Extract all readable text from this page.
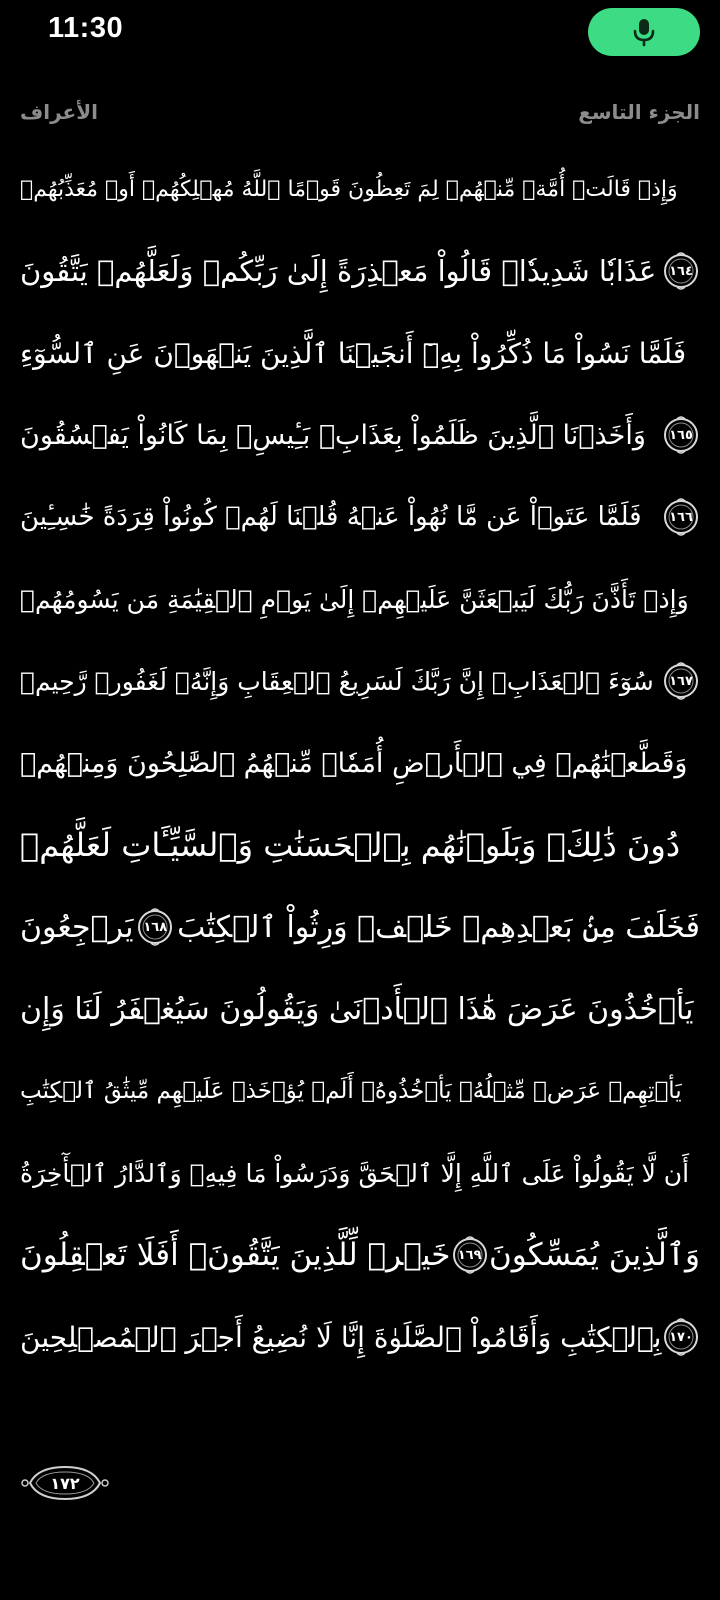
11:30
الجزء التاسع
الأعراف
وَإِذۡ قَالَتۡ أُمَّةٞ مِّنۡهُمۡ لِمَ تَعِظُونَ قَوۡمًا ٱللَّهُ مُهۡلِكُهُمۡ أَوۡ مُعَذِّبُهُمۡ
عَذَابٗا شَدِيدٗاۖ قَالُواْ مَعۡذِرَةً إِلَىٰ رَبِّكُمۡ وَلَعَلَّهُمۡ يَتَّقُونَ ١٦٤
فَلَمَّا نَسُواْ مَا ذُكِّرُواْ بِهِۦٓ أَنجَيۡنَا ٱلَّذِينَ يَنۡهَوۡنَ عَنِ ٱلسُّوٓءِ
وَأَخَذۡنَا ٱلَّذِينَ ظَلَمُواْ بِعَذَابِۭ بَـِٔيسِۭ بِمَا كَانُواْ يَفۡسُقُونَ ١٦٥
فَلَمَّا عَتَوۡاْ عَن مَّا نُهُواْ عَنۡهُ قُلۡنَا لَهُمۡ كُونُواْ قِرَدَةً خَٰسِـِٔينَ ١٦٦
وَإِذۡ تَأَذَّنَ رَبُّكَ لَيَبۡعَثَنَّ عَلَيۡهِمۡ إِلَىٰ يَوۡمِ ٱلۡقِيَٰمَةِ مَن يَسُومُهُمۡ
سُوٓءَ ٱلۡعَذَابِۗ إِنَّ رَبَّكَ لَسَرِيعُ ٱلۡعِقَابِ وَإِنَّهُۥ لَغَفُورٞ رَّحِيمٞ ١٦٧
وَقَطَّعۡنَٰهُمۡ فِي ٱلۡأَرۡضِ أُمَمٗاۖ مِّنۡهُمُ ٱلصَّٰلِحُونَ وَمِنۡهُمۡ
دُونَ ذَٰلِكَۖ وَبَلَوۡنَٰهُم بِٱلۡحَسَنَٰتِ وَٱلسَّيِّـَٔاتِ لَعَلَّهُمۡ
يَرۡجِعُونَ ١٦٨ فَخَلَفَ مِنۢ بَعۡدِهِمۡ خَلۡفٞ وَرِثُواْ ٱلۡكِتَٰبَ
يَأۡخُذُونَ عَرَضَ هَٰذَا ٱلۡأَدۡنَىٰ وَيَقُولُونَ سَيُغۡفَرُ لَنَا وَإِن
يَأۡتِهِمۡ عَرَضٞ مِّثۡلُهُۥ يَأۡخُذُوهُۚ أَلَمۡ يُؤۡخَذۡ عَلَيۡهِم مِّيثَٰقُ ٱلۡكِتَٰبِ
أَن لَّا يَقُولُواْ عَلَى ٱللَّهِ إِلَّا ٱلۡحَقَّ وَدَرَسُواْ مَا فِيهِۗ وَٱلدَّارُ ٱلۡأٓخِرَةُ
خَيۡرٞ لِّلَّذِينَ يَتَّقُونَۚ أَفَلَا تَعۡقِلُونَ ١٦٩ وَٱلَّذِينَ يُمَسِّكُونَ
بِٱلۡكِتَٰبِ وَأَقَامُواْ ٱلصَّلَوٰةَ إِنَّا لَا نُضِيعُ أَجۡرَ ٱلۡمُصۡلِحِينَ ١٧٠
١٧٢
